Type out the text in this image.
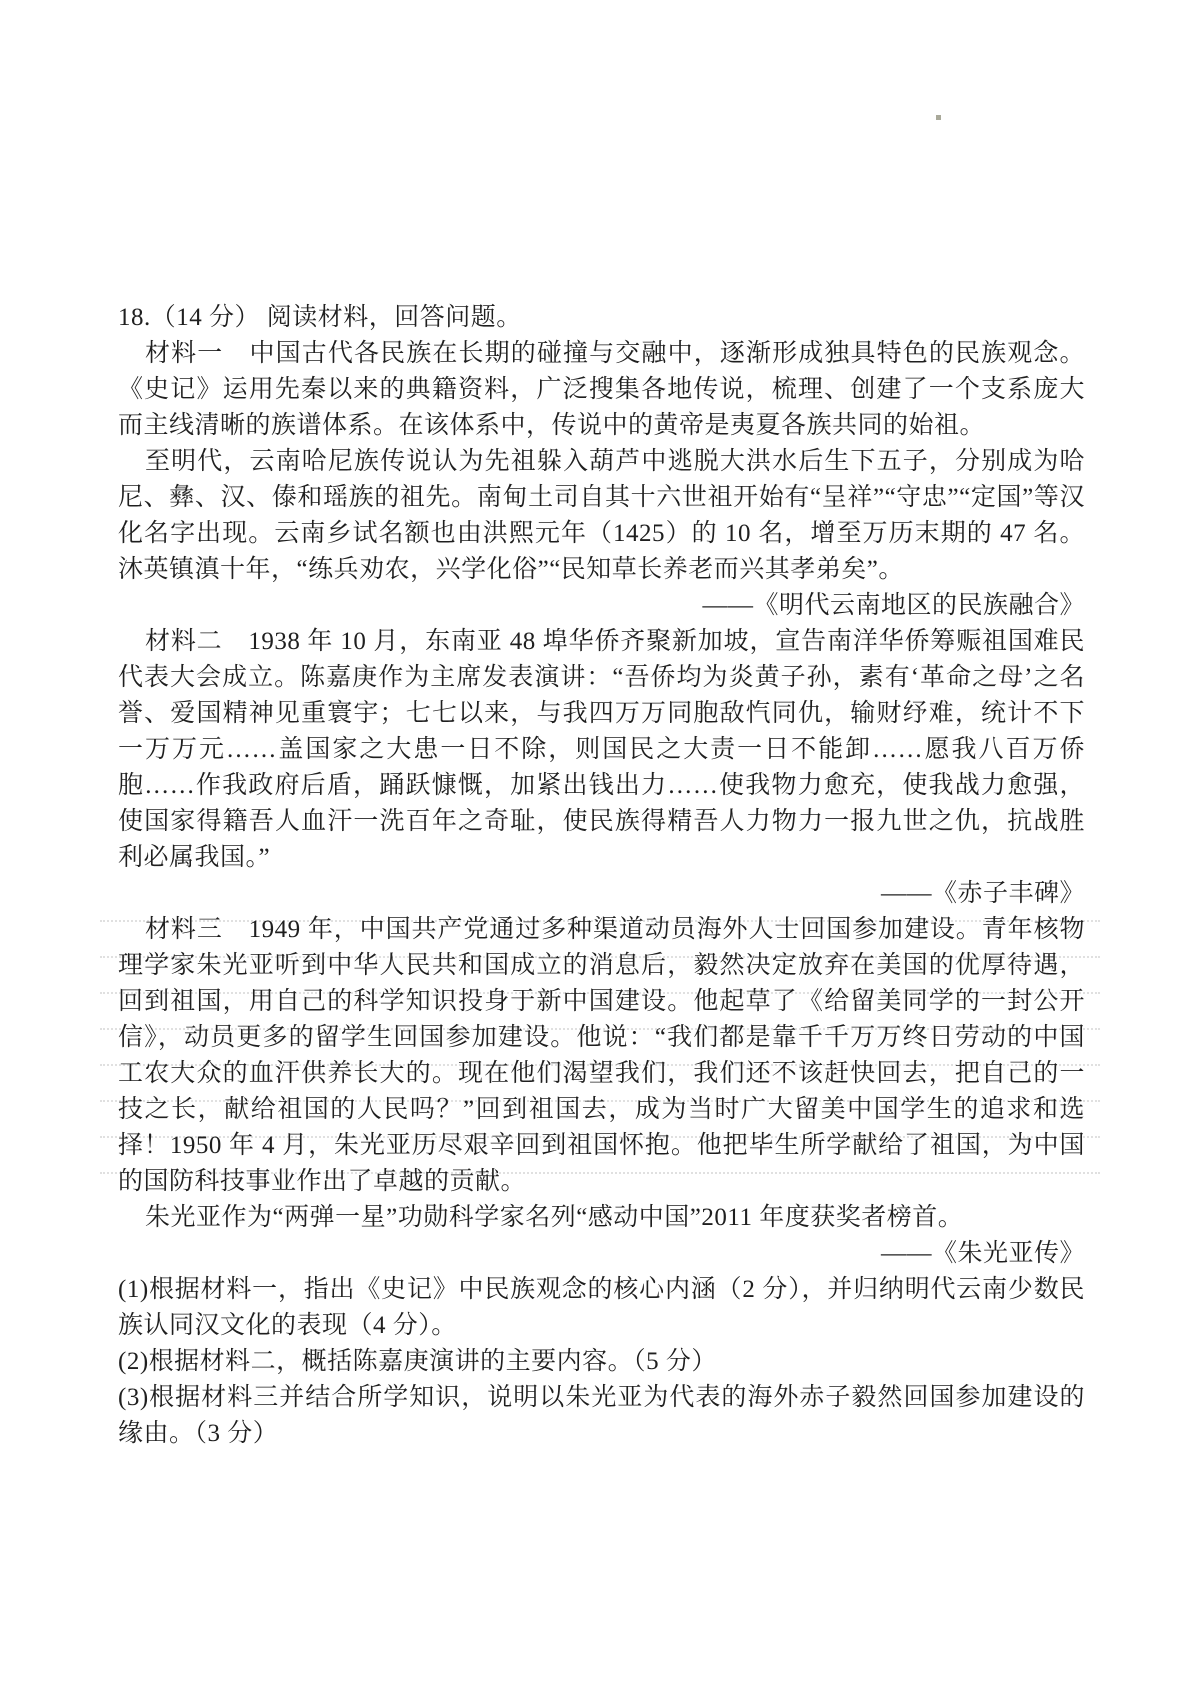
18.（14 分） 阅读材料，回答问题。

材料一　中国古代各民族在长期的碰撞与交融中，逐渐形成独具特色的民族观念。《史记》运用先秦以来的典籍资料，广泛搜集各地传说，梳理、创建了一个支系庞大而主线清晰的族谱体系。在该体系中，传说中的黄帝是夷夏各族共同的始祖。

至明代，云南哈尼族传说认为先祖躲入葫芦中逃脱大洪水后生下五子，分别成为哈尼、彝、汉、傣和瑶族的祖先。南甸土司自其十六世祖开始有“呈祥”“守忠”“定国”等汉化名字出现。云南乡试名额也由洪熙元年（1425）的 10 名，增至万历末期的 47 名。沐英镇滇十年，“练兵劝农，兴学化俗”“民知草长养老而兴其孝弟矣”。

——《明代云南地区的民族融合》

材料二　1938 年 10 月，东南亚 48 埠华侨齐聚新加坡，宣告南洋华侨筹赈祖国难民代表大会成立。陈嘉庚作为主席发表演讲：“吾侨均为炎黄子孙，素有‘革命之母’之名誉、爱国精神见重寰宇；七七以来，与我四万万同胞敌忾同仇，输财纾难，统计不下一万万元……盖国家之大患一日不除，则国民之大责一日不能卸……愿我八百万侨胞……作我政府后盾，踊跃慷慨，加紧出钱出力……使我物力愈充，使我战力愈强，使国家得籍吾人血汗一洗百年之奇耻，使民族得精吾人力物力一报九世之仇，抗战胜利必属我国。”

——《赤子丰碑》

材料三　1949 年，中国共产党通过多种渠道动员海外人士回国参加建设。青年核物理学家朱光亚听到中华人民共和国成立的消息后，毅然决定放弃在美国的优厚待遇，回到祖国，用自己的科学知识投身于新中国建设。他起草了《给留美同学的一封公开信》，动员更多的留学生回国参加建设。他说：“我们都是靠千千万万终日劳动的中国工农大众的血汗供养长大的。现在他们渴望我们，我们还不该赶快回去，把自己的一技之长，献给祖国的人民吗？”回到祖国去，成为当时广大留美中国学生的追求和选择！1950 年 4 月，朱光亚历尽艰辛回到祖国怀抱。他把毕生所学献给了祖国，为中国的国防科技事业作出了卓越的贡献。

朱光亚作为“两弹一星”功勋科学家名列“感动中国”2011 年度获奖者榜首。

——《朱光亚传》

(1)根据材料一，指出《史记》中民族观念的核心内涵（2 分），并归纳明代云南少数民族认同汉文化的表现（4 分）。

(2)根据材料二，概括陈嘉庚演讲的主要内容。（5 分）

(3)根据材料三并结合所学知识，说明以朱光亚为代表的海外赤子毅然回国参加建设的缘由。（3 分）
